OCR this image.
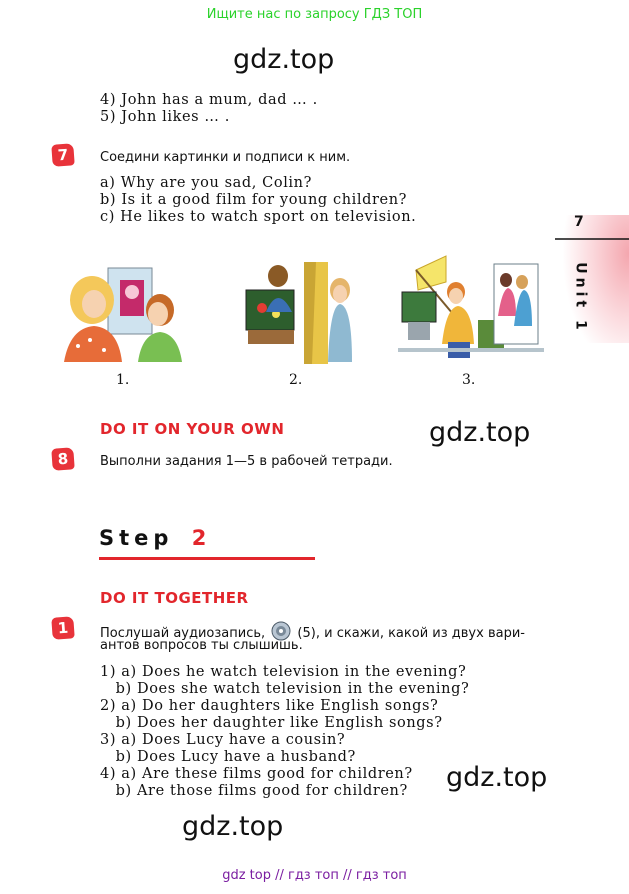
Ищите нас по запросу ГДЗ ТОП
gdz.top
7
Unit 1
4) John has a mum, dad … .
5) John likes … .
7	Соедини картинки и подписи к ним.
a) Why are you sad, Colin?
b) Is it a good film for young children?
c) He likes to watch sport on television.
1.	2.	3.
DO IT ON YOUR OWN	gdz.top
8	Выполни задания 1—5 в рабочей тетради.
Step 2
DO IT TOGETHER
1	Послушай аудиозапись, (5), и скажи, какой из двух вари-
антов вопросов ты слышишь.
1) a) Does he watch television in the evening?
b) Does she watch television in the evening?
2) a) Do her daughters like English songs?
b) Does her daughter like English songs?
3) a) Does Lucy have a cousin?
b) Does Lucy have a husband?
4) a) Are these films good for children?
b) Are those films good for children? gdz.top
gdz.top
gdz top // гдз топ // гдз топ
